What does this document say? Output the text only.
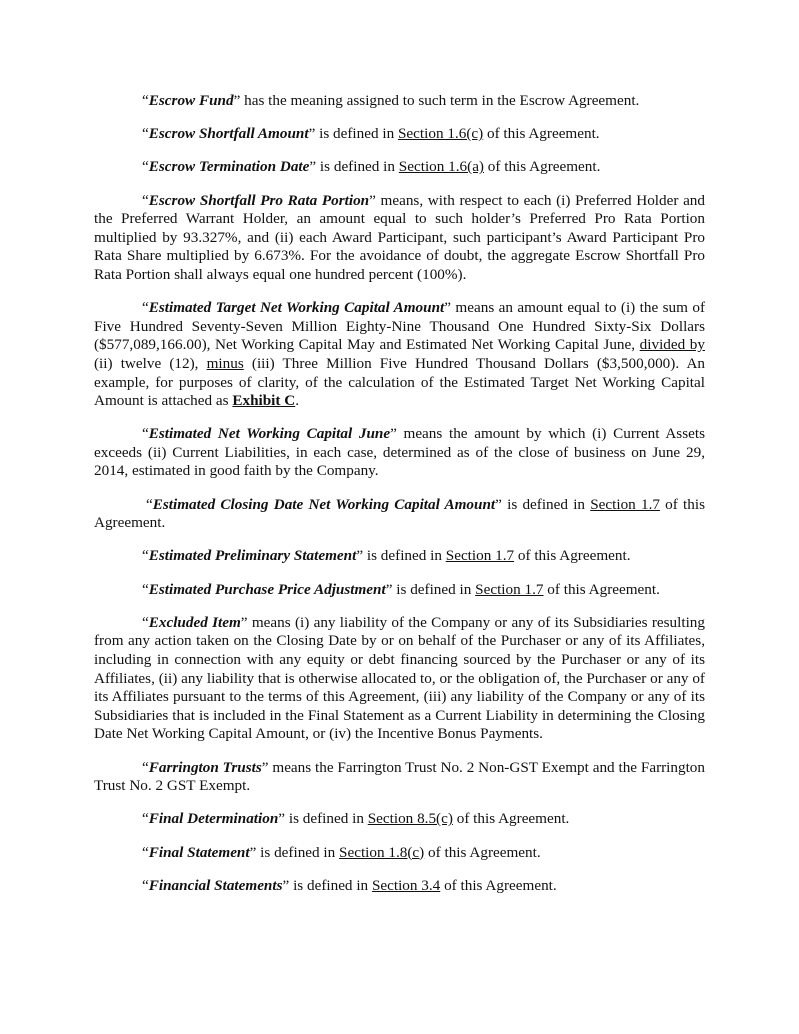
“Escrow Fund” has the meaning assigned to such term in the Escrow Agreement.

“Escrow Shortfall Amount” is defined in Section 1.6(c) of this Agreement.

“Escrow Termination Date” is defined in Section 1.6(a) of this Agreement.

“Escrow Shortfall Pro Rata Portion” means, with respect to each (i) Preferred Holder and the Preferred Warrant Holder, an amount equal to such holder’s Preferred Pro Rata Portion multiplied by 93.327%, and (ii) each Award Participant, such participant’s Award Participant Pro Rata Share multiplied by 6.673%. For the avoidance of doubt, the aggregate Escrow Shortfall Pro Rata Portion shall always equal one hundred percent (100%).

“Estimated Target Net Working Capital Amount” means an amount equal to (i) the sum of Five Hundred Seventy-Seven Million Eighty-Nine Thousand One Hundred Sixty-Six Dollars ($577,089,166.00), Net Working Capital May and Estimated Net Working Capital June, divided by (ii) twelve (12), minus (iii) Three Million Five Hundred Thousand Dollars ($3,500,000). An example, for purposes of clarity, of the calculation of the Estimated Target Net Working Capital Amount is attached as Exhibit C.

“Estimated Net Working Capital June” means the amount by which (i) Current Assets exceeds (ii) Current Liabilities, in each case, determined as of the close of business on June 29, 2014, estimated in good faith by the Company.

“Estimated Closing Date Net Working Capital Amount” is defined in Section 1.7 of this Agreement.

“Estimated Preliminary Statement” is defined in Section 1.7 of this Agreement.

“Estimated Purchase Price Adjustment” is defined in Section 1.7 of this Agreement.

“Excluded Item” means (i) any liability of the Company or any of its Subsidiaries resulting from any action taken on the Closing Date by or on behalf of the Purchaser or any of its Affiliates, including in connection with any equity or debt financing sourced by the Purchaser or any of its Affiliates, (ii) any liability that is otherwise allocated to, or the obligation of, the Purchaser or any of its Affiliates pursuant to the terms of this Agreement, (iii) any liability of the Company or any of its Subsidiaries that is included in the Final Statement as a Current Liability in determining the Closing Date Net Working Capital Amount, or (iv) the Incentive Bonus Payments.

“Farrington Trusts” means the Farrington Trust No. 2 Non-GST Exempt and the Farrington Trust No. 2 GST Exempt.

“Final Determination” is defined in Section 8.5(c) of this Agreement.

“Final Statement” is defined in Section 1.8(c) of this Agreement.

“Financial Statements” is defined in Section 3.4 of this Agreement.
